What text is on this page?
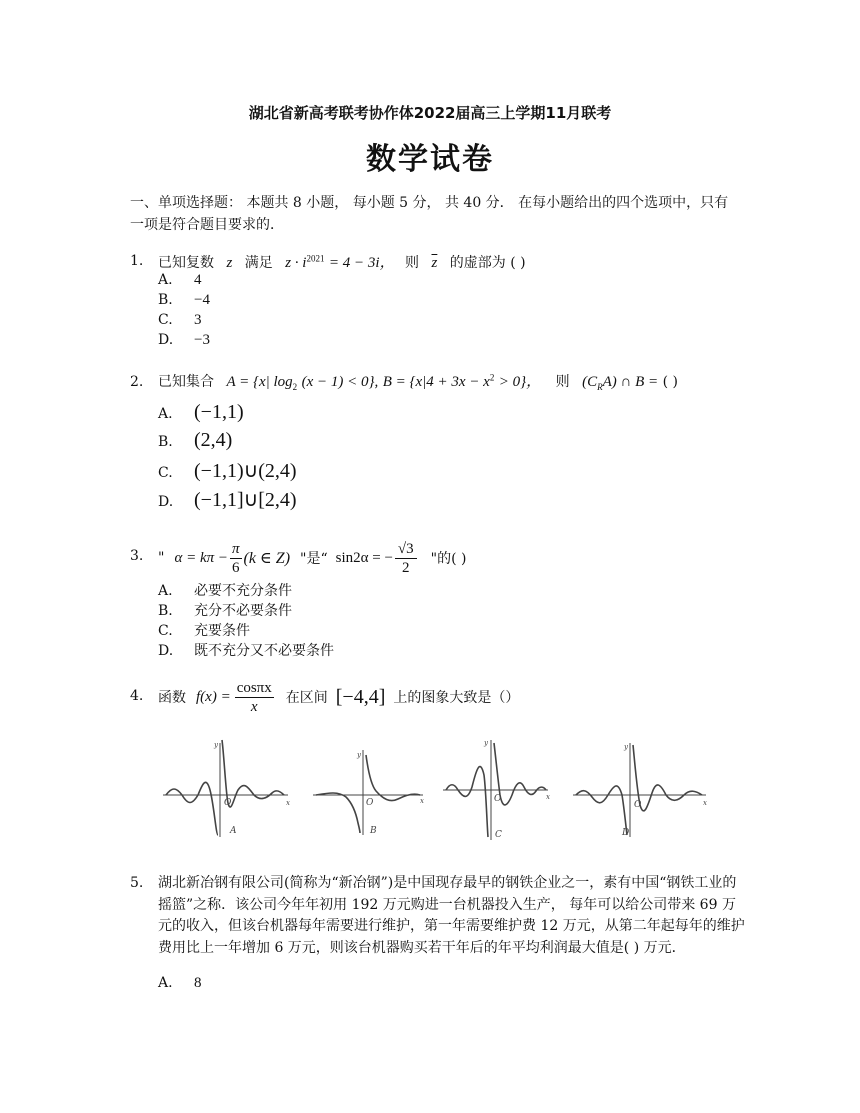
湖北省新高考联考协作体2022届高三上学期11月联考
数学试卷
一、单项选择题： 本题共 8 小题， 每小题 5 分， 共 40 分． 在每小题给出的四个选项中，只有一项是符合题目要求的．
1. 已知复数 z 满足 $z \cdot i^{2021} = 4 - 3i$， 则 $\overline{z}$ 的虚部为 ( )
A. 4
B. −4
C. 3
D. −3
2. 已知集合 A = {x| $\log_2 (x - 1) < 0$}, $B = \{x|4 + 3x - x^2 > 0\}$， 则 $(C_RA)$ ∩ B = ( )
A. (−1,1)
B. (2,4)
C. (−1,1)∪(2,4)
D. (−1,1]∪[2,4)
3. " $\alpha = k\pi - \frac{\pi}{6} (k$ ∈ Z) "是“ sin2α = − $\frac{√3}{2}$ "的( )
A. 必要不充分条件
B. 充分不必要条件
C. 充要条件
D. 既不充分又不必要条件
4. 函数 $f(x) = \frac{\cos\pi x}{x}$ 在区间 [−4,4] 上的图象大致是（）
x
y
O
A
x
y
O
B
x
y
O
C
x
y
O
D
5. 湖北新冶钢有限公司(简称为“新冶钢”)是中国现存最早的钢铁企业之一，素有中国“钢铁工业的摇篮”之称．该公司今年年初用 192 万元购进一台机器投入生产， 每年可以给公司带来 69 万元的收入，但该台机器每年需要进行维护，第一年需要维护费 12 万元，从第二年起每年的维护费用比上一年增加 6 万元，则该台机器购买若干年后的年平均利润最大值是( ) 万元．
A. 8
